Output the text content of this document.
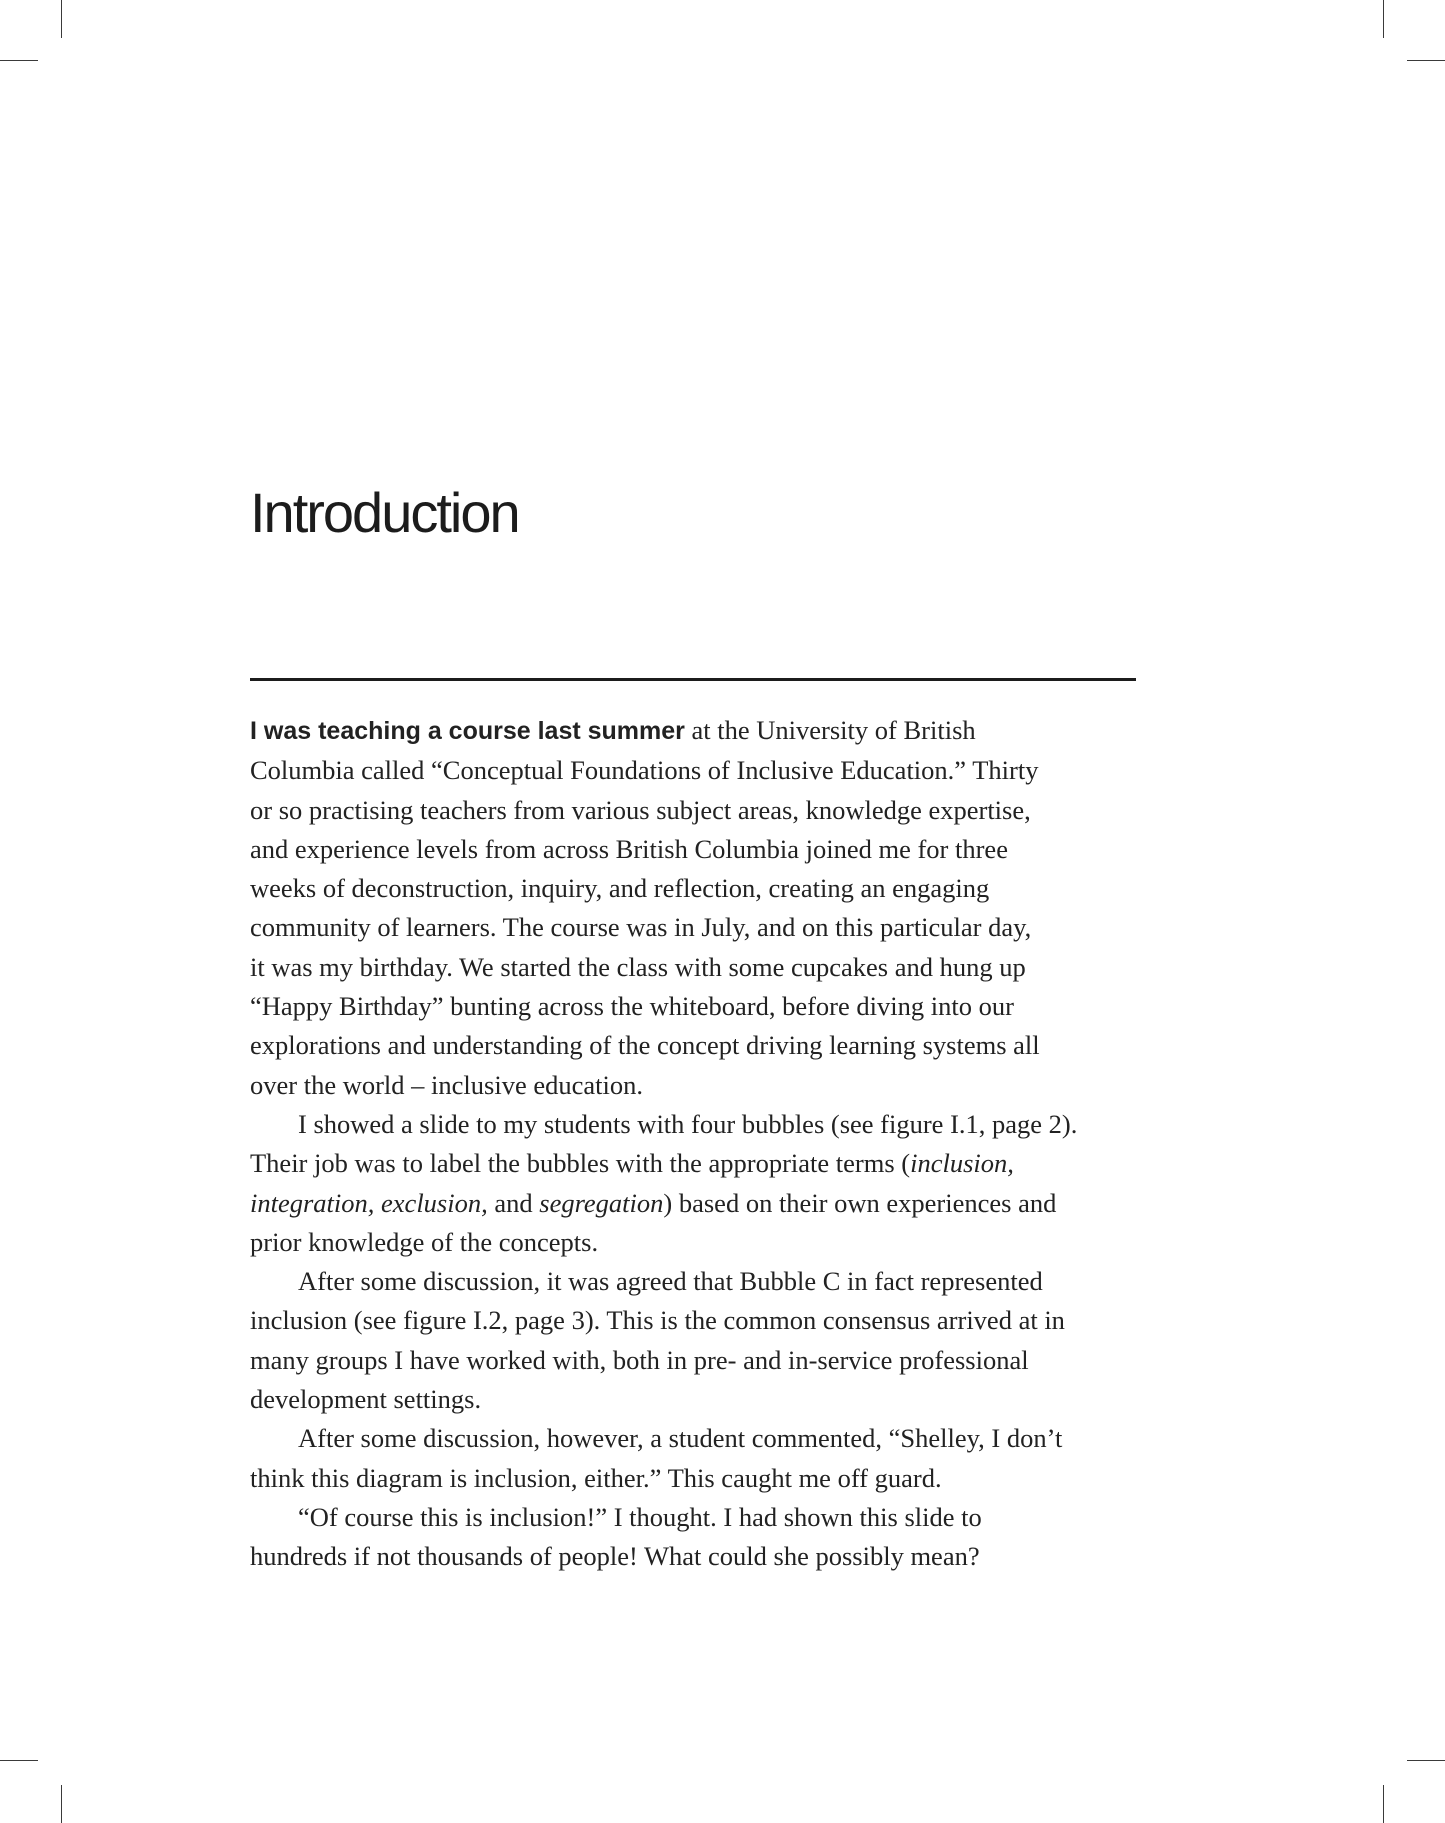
Introduction

I was teaching a course last summer at the University of British
Columbia called “Conceptual Foundations of Inclusive Education.” Thirty
or so practising teachers from various subject areas, knowledge expertise,
and experience levels from across British Columbia joined me for three
weeks of deconstruction, inquiry, and reflection, creating an engaging
community of learners. The course was in July, and on this particular day,
it was my birthday. We started the class with some cupcakes and hung up
“Happy Birthday” bunting across the whiteboard, before diving into our
explorations and understanding of the concept driving learning systems all
over the world – inclusive education.

I showed a slide to my students with four bubbles (see figure I.1, page 2).
Their job was to label the bubbles with the appropriate terms (inclusion,
integration, exclusion, and segregation) based on their own experiences and
prior knowledge of the concepts.

After some discussion, it was agreed that Bubble C in fact represented
inclusion (see figure I.2, page 3). This is the common consensus arrived at in
many groups I have worked with, both in pre- and in-service professional
development settings.

After some discussion, however, a student commented, “Shelley, I don’t
think this diagram is inclusion, either.” This caught me off guard.

“Of course this is inclusion!” I thought. I had shown this slide to
hundreds if not thousands of people! What could she possibly mean?
